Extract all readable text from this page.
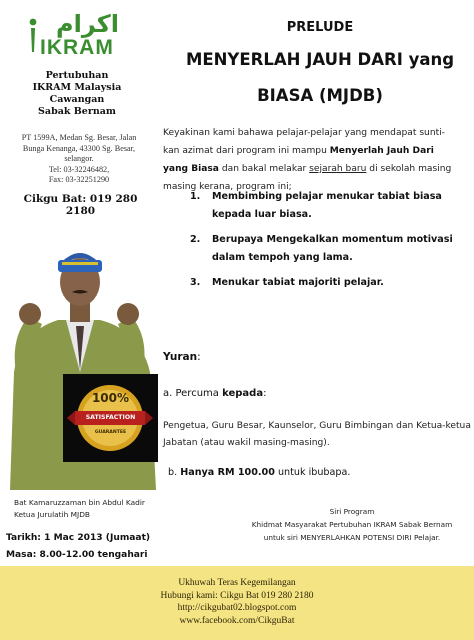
اكرام
IKRAM
Pertubuhan
IKRAM Malaysia
Cawangan
Sabak Bernam
PT 1599A, Medan Sg. Besar, Jalan
Bunga Kenanga, 43300 Sg. Besar,
selangor.
Tel: 03-32246482,
Fax: 03-32251290
Cikgu Bat: 019 280 2180
100%
SATISFACTION
GUARANTEE
Bat Kamaruzzaman bin Abdul Kadir
Ketua Jurulatih MJDB
Tarikh: 1 Mac 2013 (Jumaat)
Masa: 8.00-12.00 tengahari
PRELUDE
MENYERLAH JAUH DARI yang
BIASA (MJDB)
Keyakinan kami bahawa pelajar-pelajar yang mendapat sunti-
kan azimat dari program ini mampu Menyerlah Jauh Dari
yang Biasa dan bakal melakar sejarah baru di sekolah masing
masing kerana, program ini;
1. Membimbing pelajar menukar tabiat biasa kepada luar biasa.
2. Berupaya Mengekalkan momentum motivasi dalam tempoh yang lama.
3. Menukar tabiat majoriti pelajar.
Yuran:
a. Percuma kepada:
Pengetua, Guru Besar, Kaunselor, Guru Bimbingan dan Ketua-ketua Jabatan (atau wakil masing-masing).
b. Hanya RM 100.00 untuk ibubapa.
Siri Program
Khidmat Masyarakat Pertubuhan IKRAM Sabak Bernam
untuk siri MENYERLAHKAN POTENSI DIRI Pelajar.
Ukhuwah Teras Kegemilangan
Hubungi kami: Cikgu Bat 019 280 2180
http://cikgubat02.blogspot.com
www.facebook.com/CikguBat
